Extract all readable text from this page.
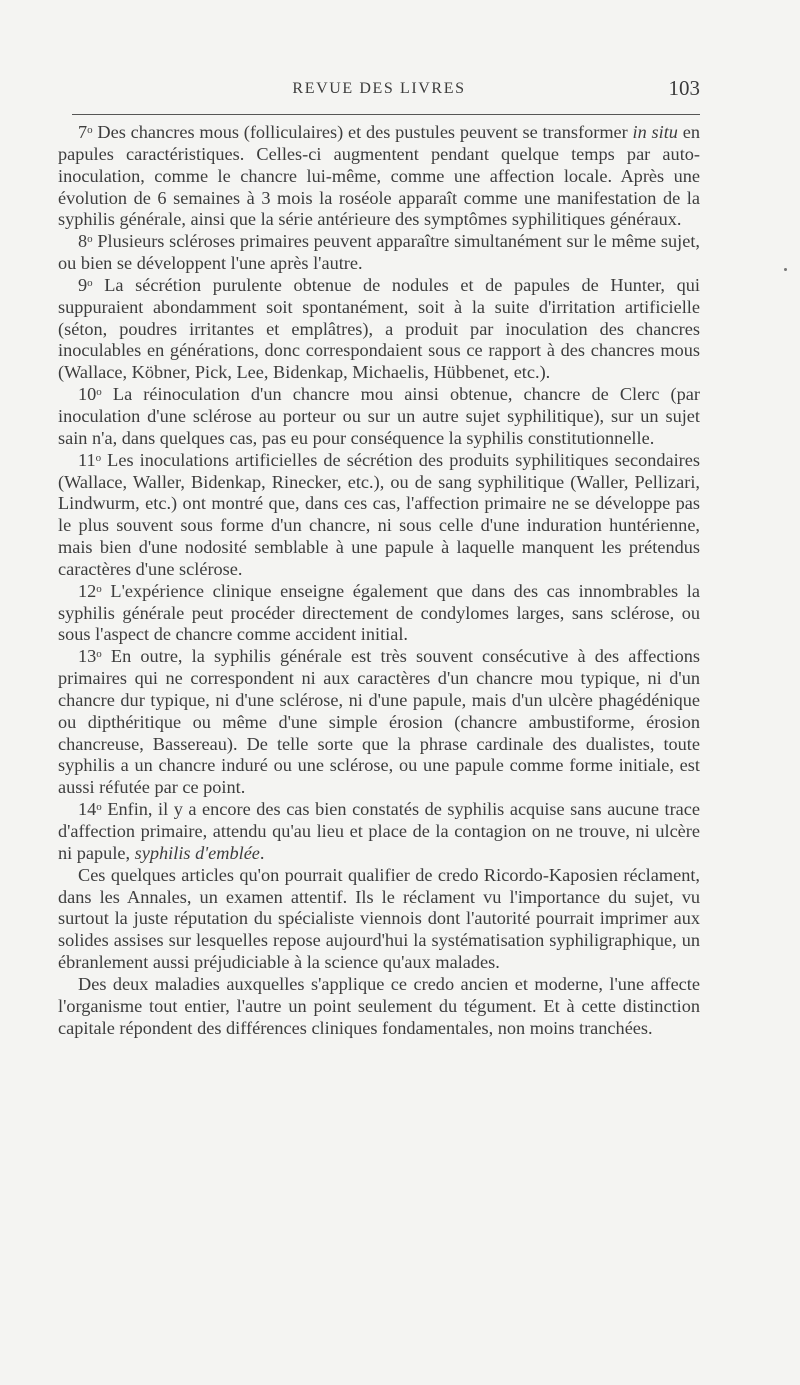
REVUE DES LIVRES	103

7$^o$ Des chancres mous (folliculaires) et des pustules peuvent se transformer in situ en papules caractéristiques. Celles-ci augmentent pendant quelque temps par auto-inoculation, comme le chancre lui-même, comme une affection locale. Après une évolution de 6 semaines à 3 mois la roséole apparaît comme une manifestation de la syphilis générale, ainsi que la série antérieure des symptômes syphilitiques généraux.

8$^o$ Plusieurs scléroses primaires peuvent apparaître simultanément sur le même sujet, ou bien se développent l'une après l'autre.

9$^o$ La sécrétion purulente obtenue de nodules et de papules de Hunter, qui suppuraient abondamment soit spontanément, soit à la suite d'irritation artificielle (séton, poudres irritantes et emplâtres), a produit par inoculation des chancres inoculables en générations, donc correspondaient sous ce rapport à des chancres mous (Wallace, Köbner, Pick, Lee, Bidenkap, Michaelis, Hübbenet, etc.).

10$^o$ La réinoculation d'un chancre mou ainsi obtenue, chancre de Clerc (par inoculation d'une sclérose au porteur ou sur un autre sujet syphilitique), sur un sujet sain n'a, dans quelques cas, pas eu pour conséquence la syphilis constitutionnelle.

11$^o$ Les inoculations artificielles de sécrétion des produits syphilitiques secondaires (Wallace, Waller, Bidenkap, Rinecker, etc.), ou de sang syphilitique (Waller, Pellizari, Lindwurm, etc.) ont montré que, dans ces cas, l'affection primaire ne se développe pas le plus souvent sous forme d'un chancre, ni sous celle d'une induration huntérienne, mais bien d'une nodosité semblable à une papule à laquelle manquent les prétendus caractères d'une sclérose.

12$^o$ L'expérience clinique enseigne également que dans des cas innombrables la syphilis générale peut procéder directement de condylomes larges, sans sclérose, ou sous l'aspect de chancre comme accident initial.

13$^o$ En outre, la syphilis générale est très souvent consécutive à des affections primaires qui ne correspondent ni aux caractères d'un chancre mou typique, ni d'un chancre dur typique, ni d'une sclérose, ni d'une papule, mais d'un ulcère phagédénique ou dipthéritique ou même d'une simple érosion (chancre ambustiforme, érosion chancreuse, Bassereau). De telle sorte que la phrase cardinale des dualistes, toute syphilis a un chancre induré ou une sclérose, ou une papule comme forme initiale, est aussi réfutée par ce point.

14$^o$ Enfin, il y a encore des cas bien constatés de syphilis acquise sans aucune trace d'affection primaire, attendu qu'au lieu et place de la contagion on ne trouve, ni ulcère ni papule, syphilis d'emblée.

Ces quelques articles qu'on pourrait qualifier de credo Ricordo-Kaposien réclament, dans les Annales, un examen attentif. Ils le réclament vu l'importance du sujet, vu surtout la juste réputation du spécialiste viennois dont l'autorité pourrait imprimer aux solides assises sur lesquelles repose aujourd'hui la systématisation syphiligraphique, un ébranlement aussi préjudiciable à la science qu'aux malades.

Des deux maladies auxquelles s'applique ce credo ancien et moderne, l'une affecte l'organisme tout entier, l'autre un point seulement du tégument. Et à cette distinction capitale répondent des différences cliniques fondamentales, non moins tranchées.
